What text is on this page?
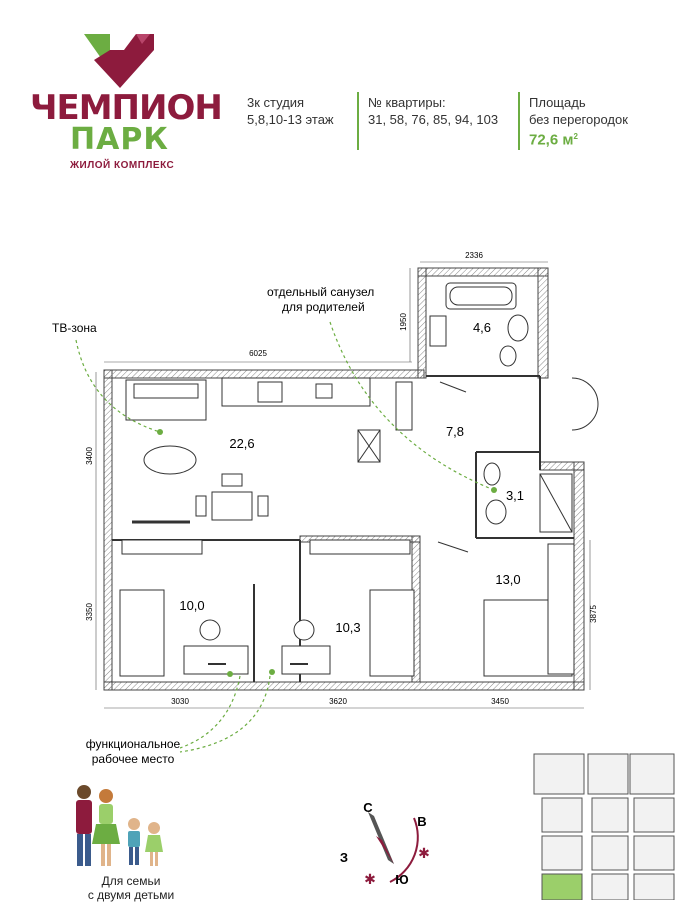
ЧЕМПИОН
ПАРК
ЖИЛОЙ КОМПЛЕКС
3к студия
5,8,10-13 этаж
№ квартиры:
31, 58, 76, 85, 94, 103
Площадь
без перегородок
72,6 $м^2$
2336
6025
3400
3350
1950
3875
3030	3620	3450
22,6
4,6
7,8
3,1
13,0
10,0
10,3
ТВ-зона
отдельный санузел
для родителей
функциональное
рабочее место
Для семьи
с двумя детьми
С
В
З
Ю
✱
✱
